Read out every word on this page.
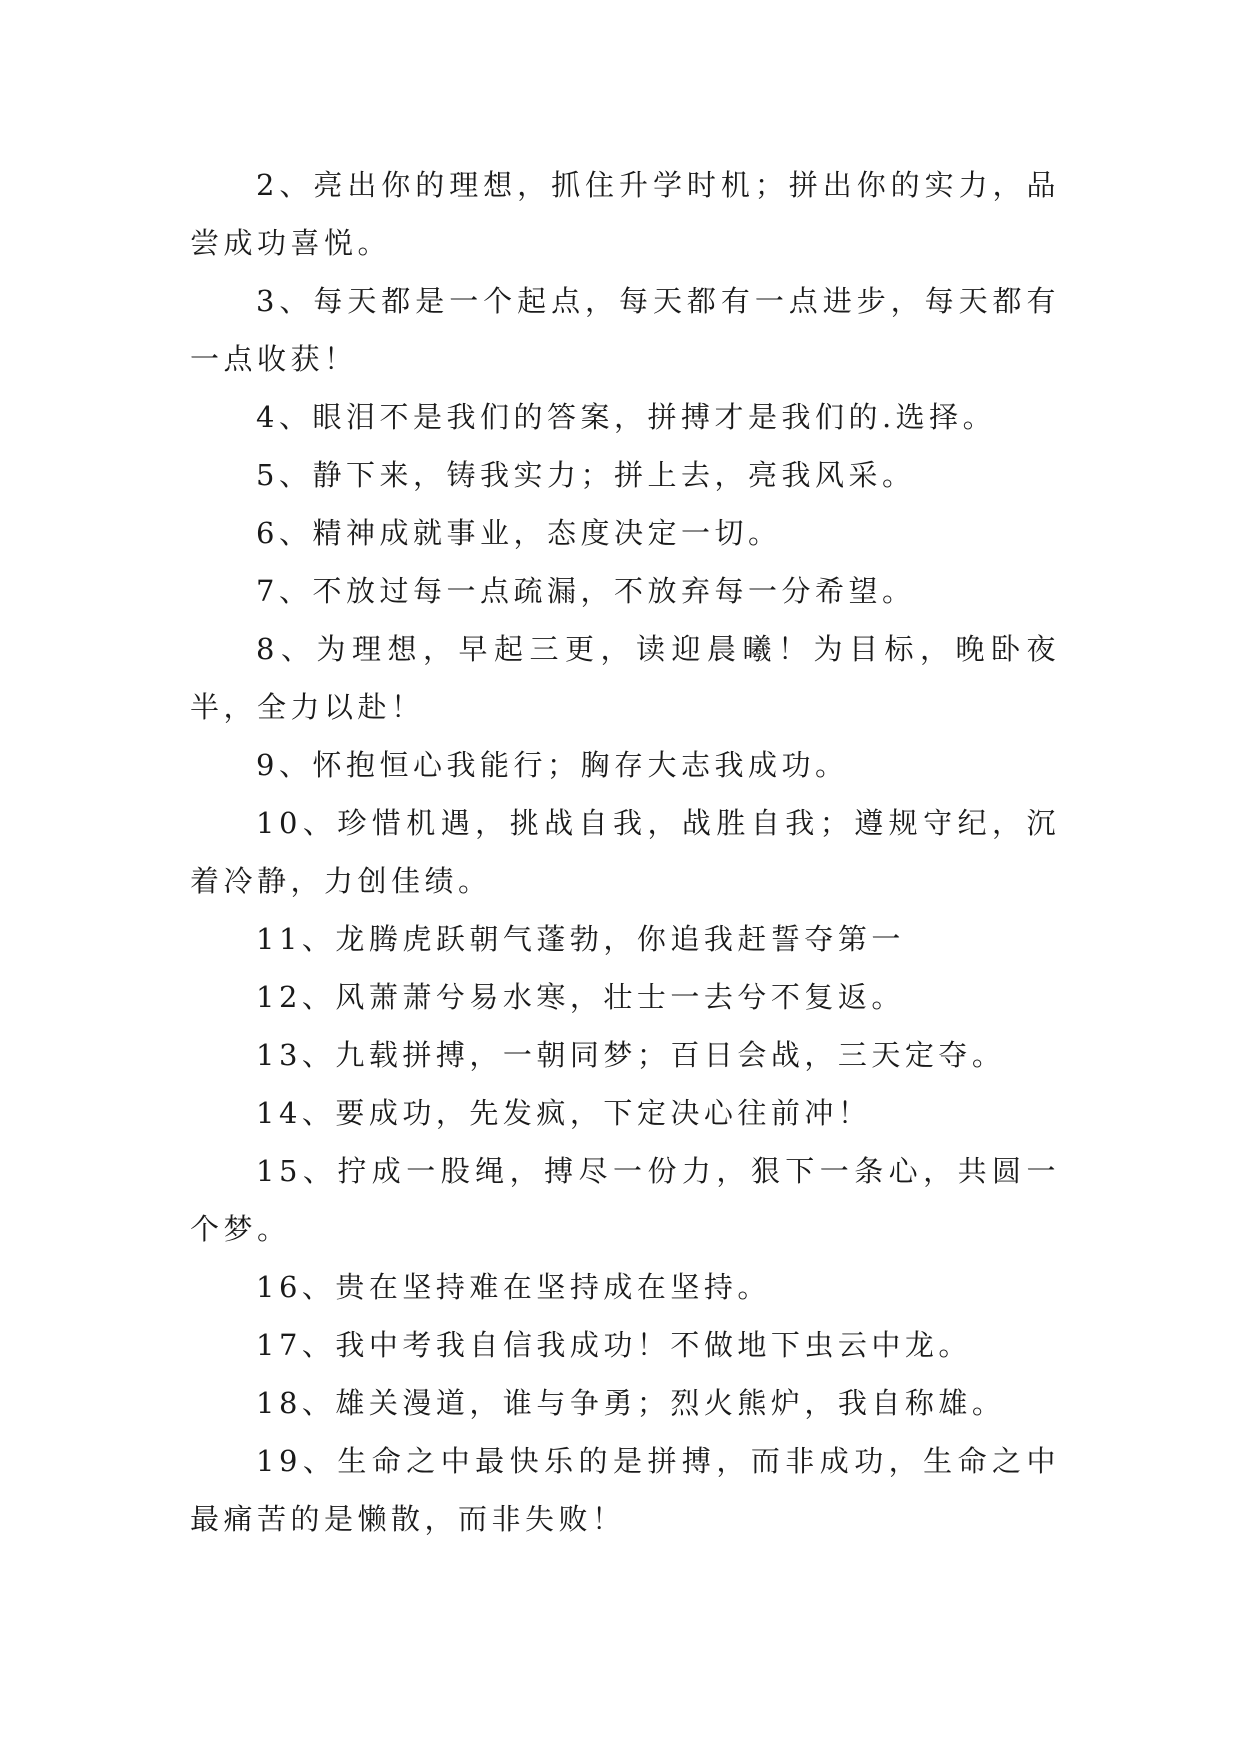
2、亮出你的理想，抓住升学时机；拼出你的实力，品尝成功喜悦。

3、每天都是一个起点，每天都有一点进步，每天都有一点收获！

4、眼泪不是我们的答案，拼搏才是我们的.选择。

5、静下来，铸我实力；拼上去，亮我风采。

6、精神成就事业，态度决定一切。

7、不放过每一点疏漏，不放弃每一分希望。

8、为理想，早起三更，读迎晨曦！为目标，晚卧夜半，全力以赴！

9、怀抱恒心我能行；胸存大志我成功。

10、珍惜机遇，挑战自我，战胜自我；遵规守纪，沉着冷静，力创佳绩。

11、龙腾虎跃朝气蓬勃，你追我赶誓夺第一

12、风萧萧兮易水寒，壮士一去兮不复返。

13、九载拼搏，一朝同梦；百日会战，三天定夺。

14、要成功，先发疯，下定决心往前冲！

15、拧成一股绳，搏尽一份力，狠下一条心，共圆一个梦。

16、贵在坚持难在坚持成在坚持。

17、我中考我自信我成功！不做地下虫云中龙。

18、雄关漫道，谁与争勇；烈火熊炉，我自称雄。

19、生命之中最快乐的是拼搏，而非成功，生命之中最痛苦的是懒散，而非失败！
